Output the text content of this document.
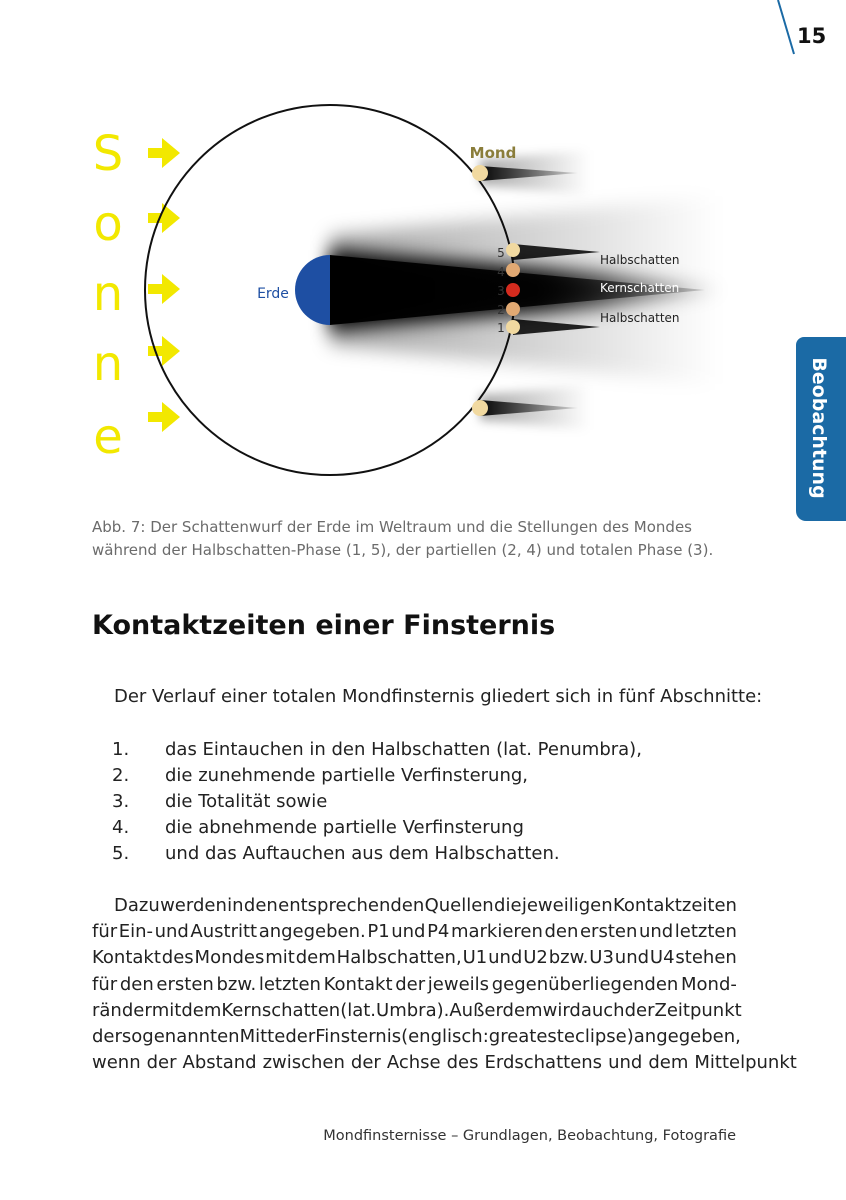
15
Beobachtung
S
o
n
n
e
Erde
Mond
5
4
3
2
1
Halbschatten
Kernschatten
Halbschatten
Abb. 7: Der Schattenwurf der Erde im Weltraum und die Stellungen des Mondes
während der Halbschatten-Phase (1, 5), der partiellen (2, 4) und totalen Phase (3).
Kontaktzeiten einer Finsternis
Der Verlauf einer totalen Mondfinsternis gliedert sich in fünf Abschnitte:
1.	das Eintauchen in den Halbschatten (lat. Penumbra),
2.	die zunehmende partielle Verfinsterung,
3.	die Totalität sowie
4.	die abnehmende partielle Verfinsterung
5.	und das Auftauchen aus dem Halbschatten.
Dazu werden in den entsprechenden Quellen die jeweiligen Kontaktzeiten
für Ein- und Austritt angegeben. P1 und P4 markieren den ersten und letzten
Kontakt des Mondes mit dem Halbschatten, U1 und U2 bzw. U3 und U4 stehen
für den ersten bzw. letzten Kontakt der jeweils gegenüberliegenden Mond-
ränder mit dem Kernschatten (lat. Umbra). Außerdem wird auch der Zeitpunkt
der so genannten Mitte der Finsternis (englisch: greatest eclipse) angegeben,
wenn der Abstand zwischen der Achse des Erdschattens und dem Mittelpunkt
Mondfinsternisse – Grundlagen, Beobachtung, Fotografie
